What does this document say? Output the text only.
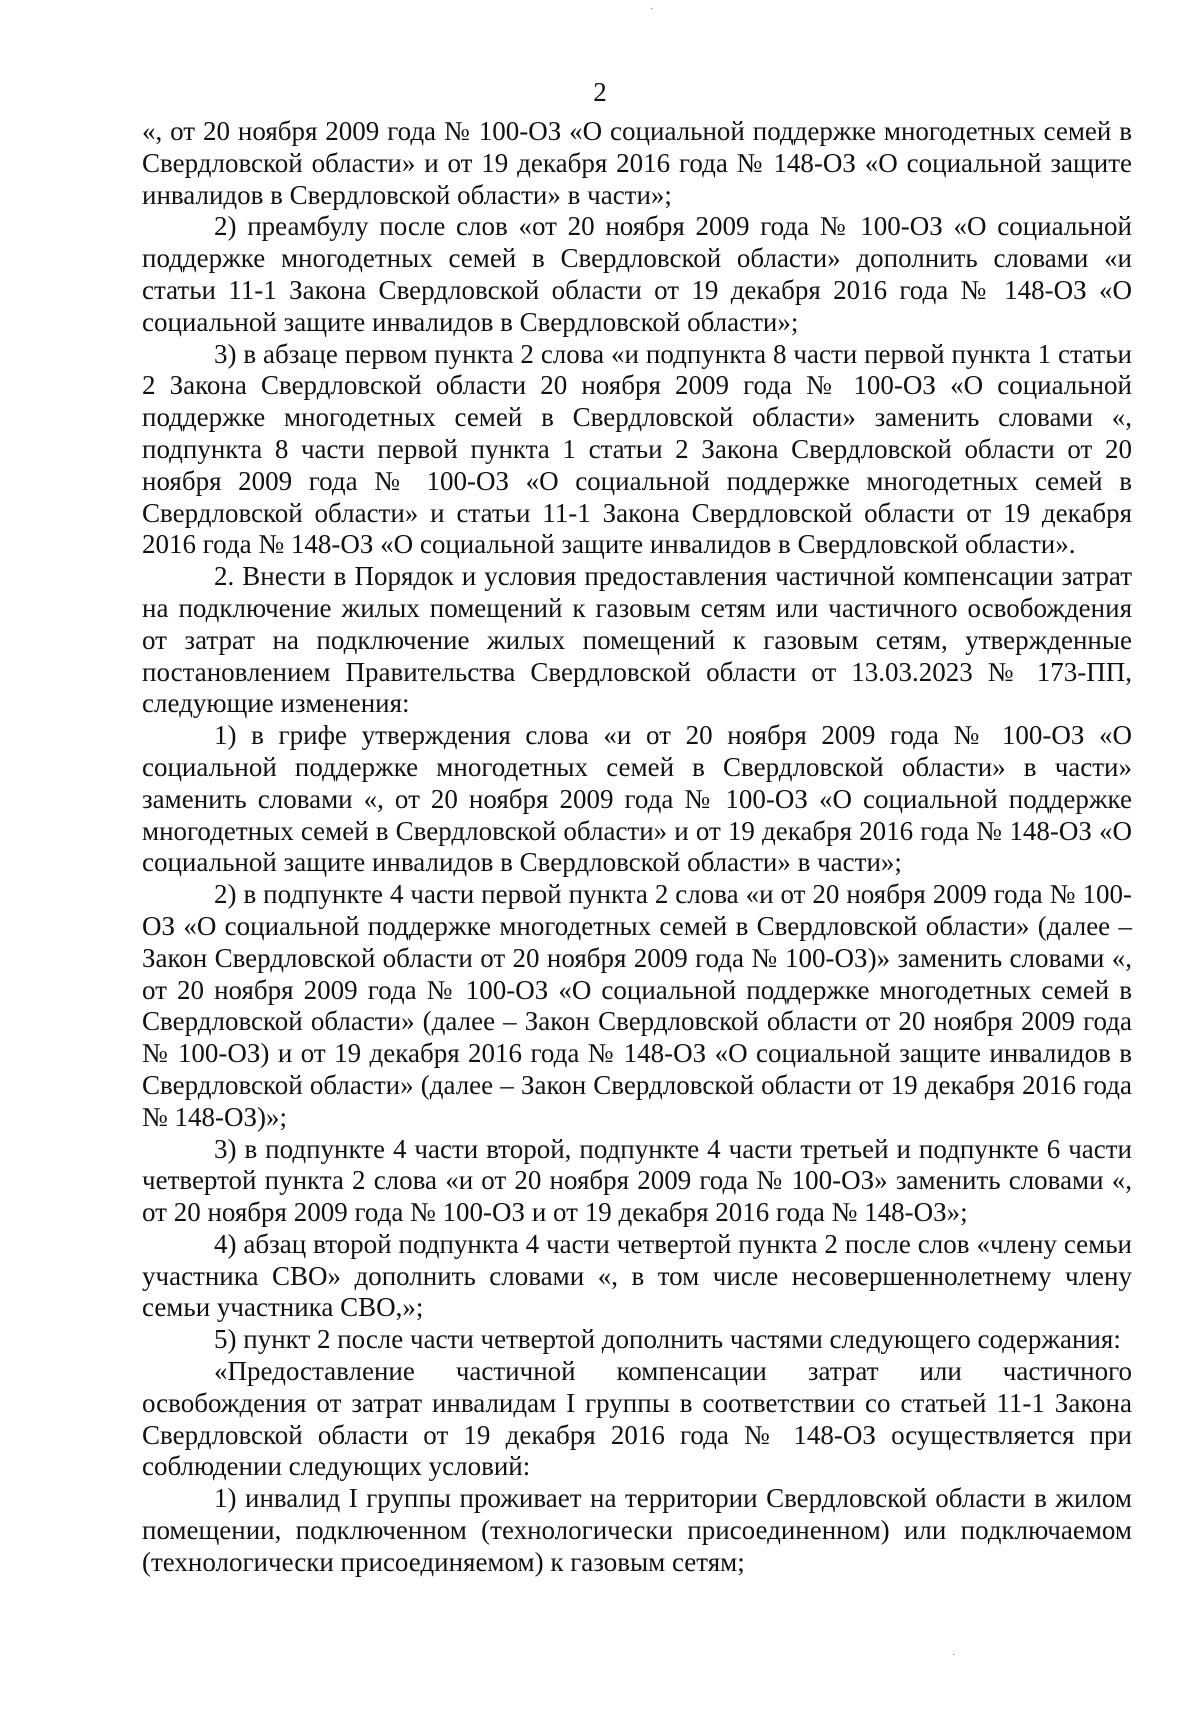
·
·
2

«, от 20 ноября 2009 года № 100-ОЗ «О социальной поддержке многодетных семей в Свердловской области» и от 19 декабря 2016 года № 148-ОЗ «О социальной защите инвалидов в Свердловской области» в части»;

2) преамбулу после слов «от 20 ноября 2009 года № 100-ОЗ «О социальной поддержке многодетных семей в Свердловской области» дополнить словами «и статьи 11-1 Закона Свердловской области от 19 декабря 2016 года № 148-ОЗ «О социальной защите инвалидов в Свердловской области»;

3) в абзаце первом пункта 2 слова «и подпункта 8 части первой пункта 1 статьи 2 Закона Свердловской области 20 ноября 2009 года № 100-ОЗ «О социальной поддержке многодетных семей в Свердловской области» заменить словами «, подпункта 8 части первой пункта 1 статьи 2 Закона Свердловской области от 20 ноября 2009 года № 100-ОЗ «О социальной поддержке многодетных семей в Свердловской области» и статьи 11-1 Закона Свердловской области от 19 декабря 2016 года № 148-ОЗ «О социальной защите инвалидов в Свердловской области».

2. Внести в Порядок и условия предоставления частичной компенсации затрат на подключение жилых помещений к газовым сетям или частичного освобождения от затрат на подключение жилых помещений к газовым сетям, утвержденные постановлением Правительства Свердловской области от 13.03.2023 № 173-ПП, следующие изменения:

1) в грифе утверждения слова «и от 20 ноября 2009 года № 100-ОЗ «О социальной поддержке многодетных семей в Свердловской области» в части» заменить словами «, от 20 ноября 2009 года № 100-ОЗ «О социальной поддержке многодетных семей в Свердловской области» и от 19 декабря 2016 года № 148-ОЗ «О социальной защите инвалидов в Свердловской области» в части»;

2) в подпункте 4 части первой пункта 2 слова «и от 20 ноября 2009 года № 100-ОЗ «О социальной поддержке многодетных семей в Свердловской области» (далее – Закон Свердловской области от 20 ноября 2009 года № 100-ОЗ)» заменить словами «, от 20 ноября 2009 года № 100-ОЗ «О социальной поддержке многодетных семей в Свердловской области» (далее – Закон Свердловской области от 20 ноября 2009 года № 100-ОЗ) и от 19 декабря 2016 года № 148-ОЗ «О социальной защите инвалидов в Свердловской области» (далее – Закон Свердловской области от 19 декабря 2016 года № 148-ОЗ)»;

3) в подпункте 4 части второй, подпункте 4 части третьей и подпункте 6 части четвертой пункта 2 слова «и от 20 ноября 2009 года № 100-ОЗ» заменить словами «, от 20 ноября 2009 года № 100-ОЗ и от 19 декабря 2016 года № 148-ОЗ»;

4) абзац второй подпункта 4 части четвертой пункта 2 после слов «члену семьи участника СВО» дополнить словами «, в том числе несовершеннолетнему члену семьи участника СВО,»;

5) пункт 2 после части четвертой дополнить частями следующего содержания:

«Предоставление частичной компенсации затрат или частичного освобождения от затрат инвалидам I группы в соответствии со статьей 11-1 Закона Свердловской области от 19 декабря 2016 года № 148-ОЗ осуществляется при соблюдении следующих условий:

1) инвалид I группы проживает на территории Свердловской области в жилом помещении, подключенном (технологически присоединенном) или подключаемом (технологически присоединяемом) к газовым сетям;
